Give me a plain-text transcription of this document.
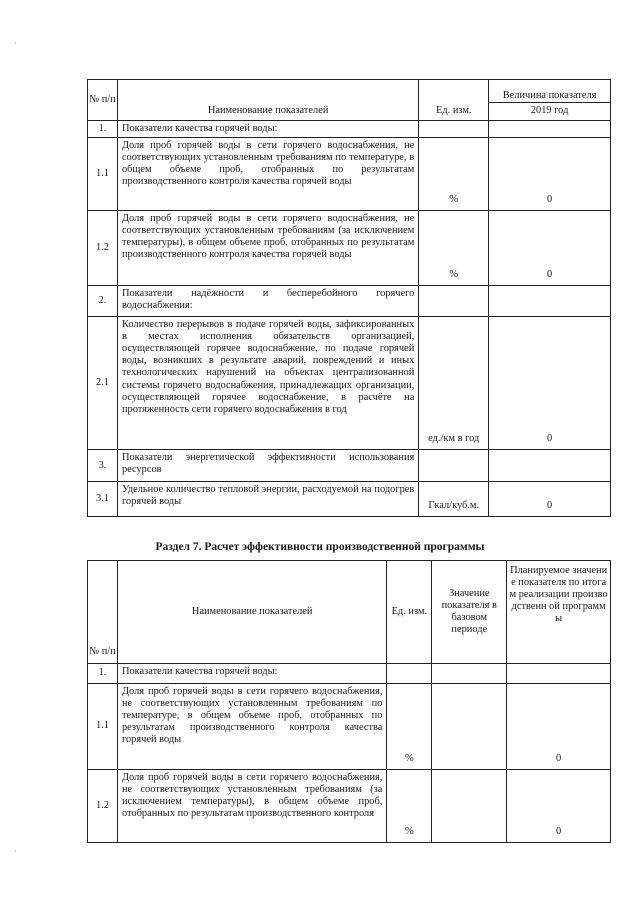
·
·
№ п/п	Наименование показателей	Ед. изм.	Величина показателя
			2019 год
1.	Показатели качества горячей воды:		
1.1	Доля проб горячей воды в сети горячего водоснабжения, не соответствующих установленным требованиям по температуре, в общем объеме проб, отобранных по результатам производственного контроля качества горячей воды	%	0
1.2	Доля проб горячей воды в сети горячего водоснабжения, не соответствующих установленным требованиям (за исключением температуры), в общем объеме проб, отобранных по результатам производственного контроля качества горячей воды	%	0
2.	Показатели надёжности и бесперебойного горячего водоснабжения:		
2.1	Количество перерывов в подаче горячей воды, зафиксированных в местах исполнения обязательств организацией, осуществляющей горячее водоснабжение, по подаче горячей воды, возникших в результате аварий, повреждений и иных технологических нарушений на объектах централизованной системы горячего водоснабжения, принадлежащих организации, осуществляющей горячее водоснабжение, в расчёте на протяженность сети горячего водоснабжения в год	ед./км в год	0
3.	Показатели энергетической эффективности использования ресурсов		
3.1	Удельное количество тепловой энергии, расходуемой на подогрев горячей воды	Гкал/куб.м.	0
Раздел 7. Расчет эффективности производственной программы
№ п/п	Наименование показателей	Ед. изм.	Значение показателя в базовом периоде	Планируемое значение показателя по итогам реализации производственн ой программы
1.	Показатели качества горячей воды:			
1.1	Доля проб горячей воды в сети горячего водоснабжения, не соответствующих установленным требованиям по температуре, в общем объеме проб, отобранных по результатам производственного контроля качества горячей воды	%		0
1.2	Доля проб горячей воды в сети горячего водоснабжения, не соответствующих установленным требованиям (за исключением температуры), в общем объеме проб, отобранных по результатам производственного контроля	%		0
